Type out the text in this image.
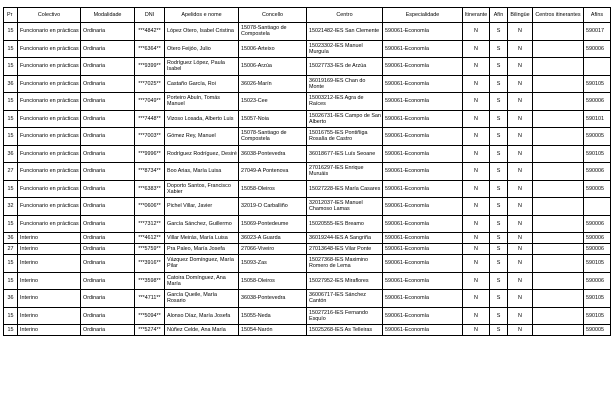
Pr	Colectivo	Modalidade	DNI	Apelidos e nome	Concello	Centro	Especialidade	Itinerante	Afín	Bilingüe	Centros itinerantes	Afíns
15	Funcionario en prácticas	Ordinaria	***4842**	López Otero, Isabel Cristina	15078-Santiago de Compostela	15021482-IES San Clemente	590061-Economía	N	S	N		590017
15	Funcionario en prácticas	Ordinaria	***6364**	Otero Feijóo, Julio	15006-Arteixo	15023302-IES Manuel Murguía	590061-Economía	N	S	N		590006
15	Funcionario en prácticas	Ordinaria	***9399**	Rodríguez López, Paula Isabel	15006-Arzúa	15027733-IES de Arzúa	590061-Economía	N	S	N		
36	Funcionario en prácticas	Ordinaria	***7025**	Castaño García, Roi	36026-Marín	36019169-IES Chan do Monte	590061-Economía	N	S	N		590105
15	Funcionario en prácticas	Ordinaria	***7049**	Porteiro Abuín, Tomás Manuel	15023-Cee	15003212-IES Agra de Raíces	590061-Economía	N	S	N		590006
15	Funcionario en prácticas	Ordinaria	***7448**	Vizoso Losada, Alberto Luis	15057-Noia	15026731-IES Campo de San Alberto	590061-Economía	N	S	N		590101
15	Funcionario en prácticas	Ordinaria	***7003**	Gómez Rey, Manuel	15078-Santiago de Compostela	15016755-IES Pontiñiga Rosalía de Castro	590061-Economía	N	S	N		590005
36	Funcionario en prácticas	Ordinaria	***9996**	Rodríguez Rodríguez, Desiré	36038-Pontevedra	36018677-IES Luís Seoane	590061-Economía	N	S	N		590105
27	Funcionario en prácticas	Ordinaria	***8734**	Boo Arias, María Luisa	27049-A Pontenova	27016297-IES Enrique Muruáis	590061-Economía	N	S	N		590006
15	Funcionario en prácticas	Ordinaria	***6383**	Doporto Santos, Francisco Xabier	15058-Oleiros	15027228-IES María Casares	590061-Economía	N	S	N		590005
32	Funcionario en prácticas	Ordinaria	***0606**	Pichel Villar, Javier	32019-O Carballiño	32012037-IES Manuel Chamoso Lamas	590061-Economía	N	S	N		
15	Funcionario en prácticas	Ordinaria	***7312**	García Sánchez, Guillermo	15069-Pontedeume	15020555-IES Breamo	590061-Economía	N	S	N		590006
36	Interino	Ordinaria	***4612**	Villar Meirás, María Luisa	36023-A Guarda	36019244-IES A Sangriña	590061-Economía	N	S	N		590006
27	Interino	Ordinaria	***5759**	Pra Paleo, María Josefa	27066-Viveiro	27013648-IES Vilar Ponte	590061-Economía	N	S	N		590006
15	Interino	Ordinaria	***3916**	Vázquez Domínguez, María Pilar	15093-Zas	15027368-IES Maximino Romero de Lema	590061-Economía	N	S	N		590105
15	Interino	Ordinaria	***3598**	Catoira Domínguez, Ana María	15058-Oleiros	15027952-IES Miraflores	590061-Economía	N	S	N		590006
36	Interino	Ordinaria	***4711**	García Queile, María Rosario	36038-Pontevedra	36006717-IES Sánchez Cantón	590061-Economía	N	S	N		590105
15	Interino	Ordinaria	***5094**	Alonso Díaz, María Josefa	15055-Neda	15027216-IES Fernando Esquío	590061-Economía	N	S	N		590105
15	Interino	Ordinaria	***5274**	Núñez Celde, Ana María	15054-Narón	15025268-IES As Telleiras	590061-Economía	N	S	N		590005
